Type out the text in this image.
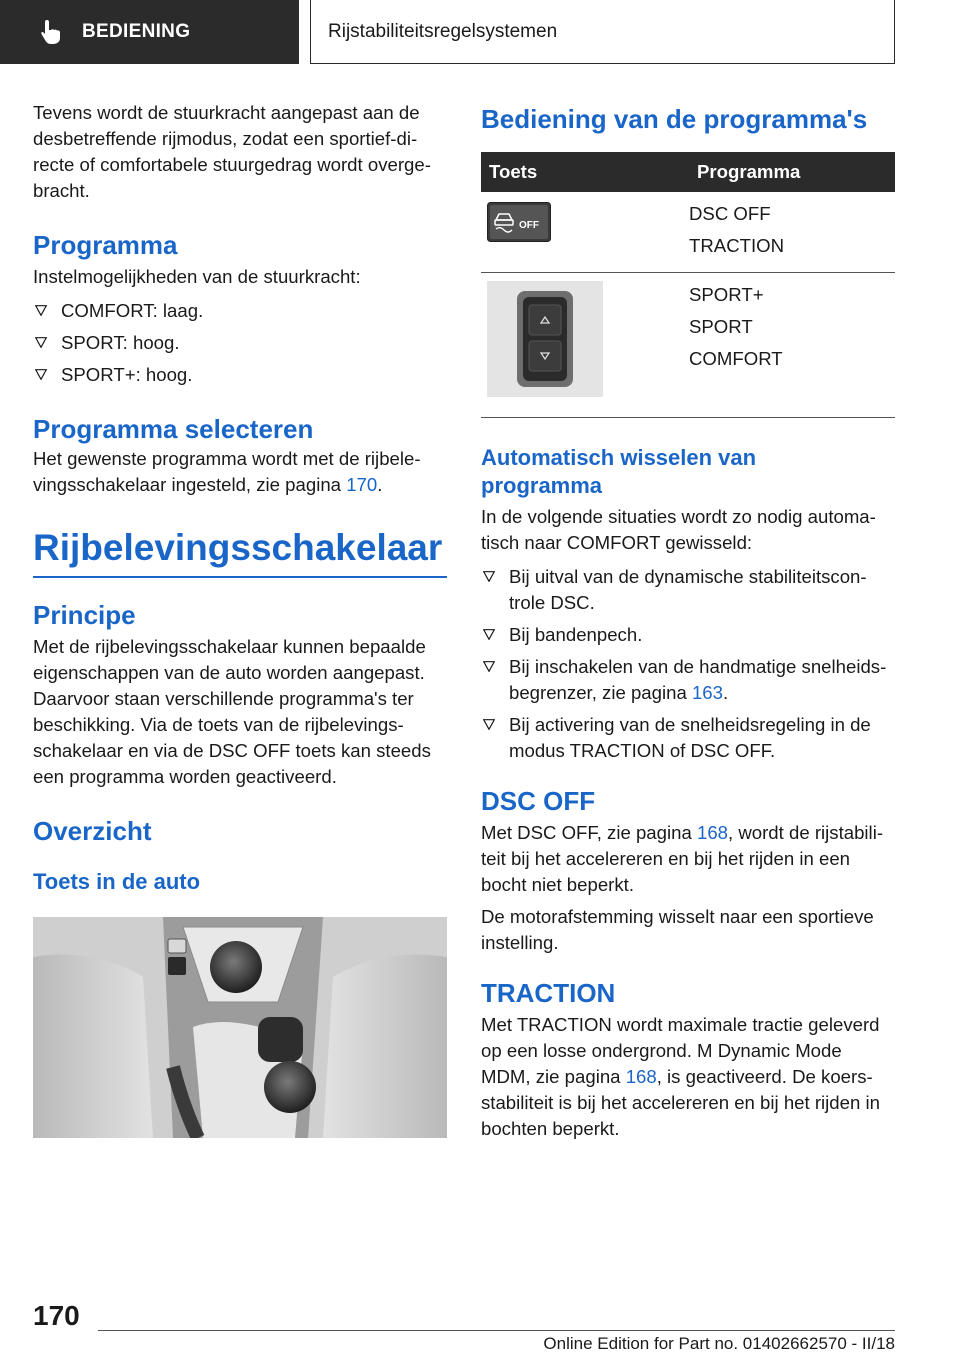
BEDIENING	Rijstabiliteitsregelsystemen

Tevens wordt de stuurkracht aangepast aan de desbetreffende rijmodus, zodat een sportief-directe of comfortabele stuurgedrag wordt overgebracht.

Programma

Instelmogelijkheden van de stuurkracht:

COMFORT: laag.
SPORT: hoog.
SPORT+: hoog.
Programma selecteren

Het gewenste programma wordt met de rijbelevingsschakelaar ingesteld, zie pagina 170.

Rijbelevingsschakelaar
Principe

Met de rijbelevingsschakelaar kunnen bepaalde eigenschappen van de auto worden aangepast. Daarvoor staan verschillende programma's ter beschikking. Via de toets van de rijbelevingsschakelaar en via de DSC OFF toets kan steeds een programma worden geactiveerd.

Overzicht
Toets in de auto
Bediening van de programma's
Toets	Programma

OFF	DSC OFF
TRACTION

SPORT+
SPORT
COMFORT
Automatisch wisselen van programma

In de volgende situaties wordt zo nodig automatisch naar COMFORT gewisseld:

Bij uitval van de dynamische stabiliteitscontrole DSC.
Bij bandenpech.
Bij inschakelen van de handmatige snelheidsbegrenzer, zie pagina 163.
Bij activering van de snelheidsregeling in de modus TRACTION of DSC OFF.
DSC OFF

Met DSC OFF, zie pagina 168, wordt de rijstabiliteit bij het accelereren en bij het rijden in een bocht niet beperkt.

De motorafstemming wisselt naar een sportieve instelling.

TRACTION

Met TRACTION wordt maximale tractie geleverd op een losse ondergrond. M Dynamic Mode MDM, zie pagina 168, is geactiveerd. De koersstabiliteit is bij het accelereren en bij het rijden in bochten beperkt.

170
Online Edition for Part no. 01402662570 - II/18
